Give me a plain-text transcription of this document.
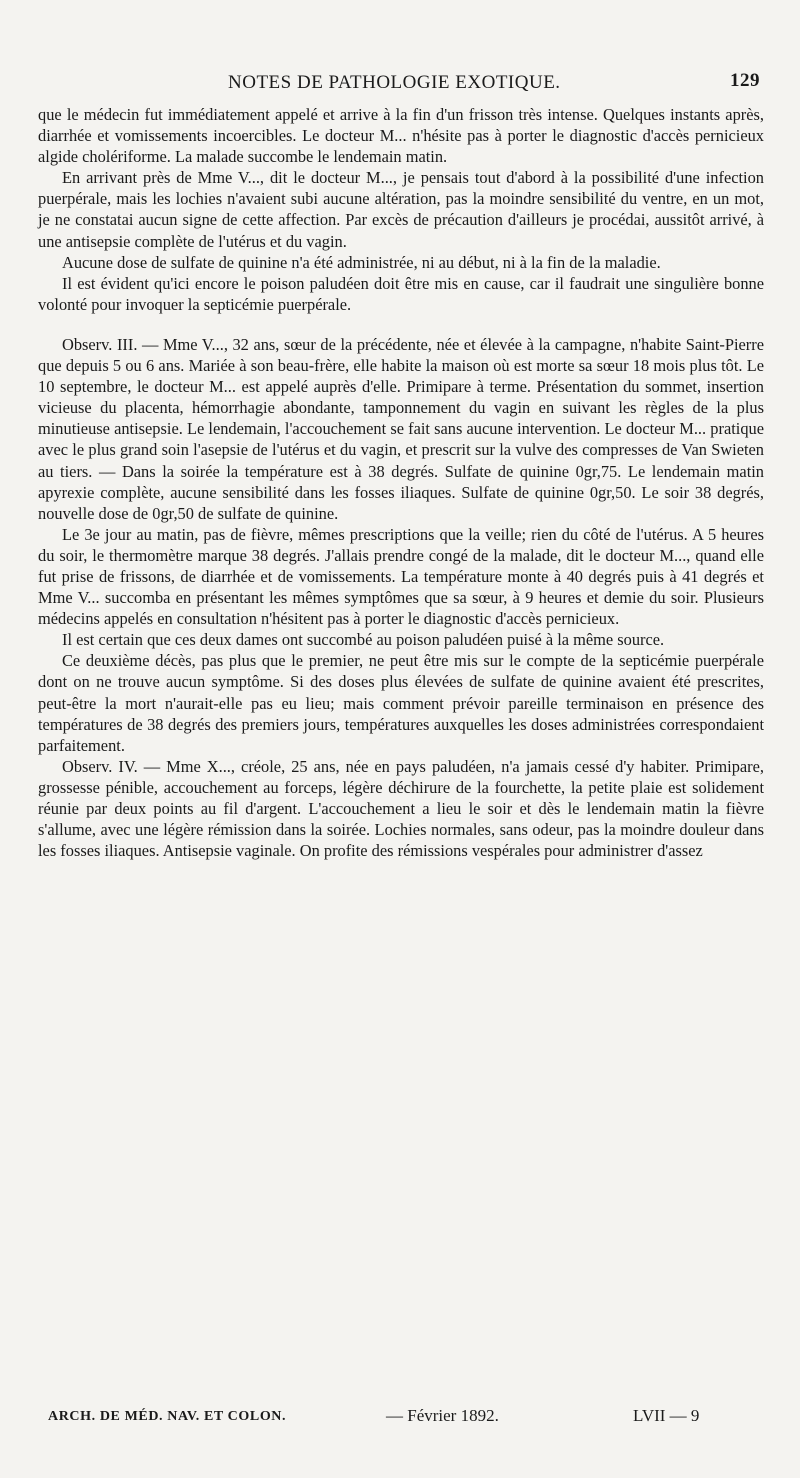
NOTES DE PATHOLOGIE EXOTIQUE.	129

que le médecin fut immédiatement appelé et arrive à la fin d'un frisson très intense. Quelques instants après, diarrhée et vomissements incoercibles. Le docteur M... n'hésite pas à porter le diagnostic d'accès pernicieux algide cholériforme. La malade succombe le lendemain matin.

En arrivant près de Mme V..., dit le docteur M..., je pensais tout d'abord à la possibilité d'une infection puerpérale, mais les lochies n'avaient subi aucune altération, pas la moindre sensibilité du ventre, en un mot, je ne constatai aucun signe de cette affection. Par excès de précaution d'ailleurs je procédai, aussitôt arrivé, à une antisepsie complète de l'utérus et du vagin.

Aucune dose de sulfate de quinine n'a été administrée, ni au début, ni à la fin de la maladie.

Il est évident qu'ici encore le poison paludéen doit être mis en cause, car il faudrait une singulière bonne volonté pour invoquer la septicémie puerpérale.

Observ. III. — Mme V..., 32 ans, sœur de la précédente, née et élevée à la campagne, n'habite Saint-Pierre que depuis 5 ou 6 ans. Mariée à son beau-frère, elle habite la maison où est morte sa sœur 18 mois plus tôt. Le 10 septembre, le docteur M... est appelé auprès d'elle. Primipare à terme. Présentation du sommet, insertion vicieuse du placenta, hémorrhagie abondante, tamponnement du vagin en suivant les règles de la plus minutieuse antisepsie. Le lendemain, l'accouchement se fait sans aucune intervention. Le docteur M... pratique avec le plus grand soin l'asepsie de l'utérus et du vagin, et prescrit sur la vulve des compresses de Van Swieten au tiers. — Dans la soirée la température est à 38 degrés. Sulfate de quinine 0gr,75. Le lendemain matin apyrexie complète, aucune sensibilité dans les fosses iliaques. Sulfate de quinine 0gr,50. Le soir 38 degrés, nouvelle dose de 0gr,50 de sulfate de quinine.

Le 3e jour au matin, pas de fièvre, mêmes prescriptions que la veille; rien du côté de l'utérus. A 5 heures du soir, le thermomètre marque 38 degrés. J'allais prendre congé de la malade, dit le docteur M..., quand elle fut prise de frissons, de diarrhée et de vomissements. La température monte à 40 degrés puis à 41 degrés et Mme V... succomba en présentant les mêmes symptômes que sa sœur, à 9 heures et demie du soir. Plusieurs médecins appelés en consultation n'hésitent pas à porter le diagnostic d'accès pernicieux.

Il est certain que ces deux dames ont succombé au poison paludéen puisé à la même source.

Ce deuxième décès, pas plus que le premier, ne peut être mis sur le compte de la septicémie puerpérale dont on ne trouve aucun symptôme. Si des doses plus élevées de sulfate de quinine avaient été prescrites, peut-être la mort n'aurait-elle pas eu lieu; mais comment prévoir pareille terminaison en présence des températures de 38 degrés des premiers jours, températures auxquelles les doses administrées correspondaient parfaitement.

Observ. IV. — Mme X..., créole, 25 ans, née en pays paludéen, n'a jamais cessé d'y habiter. Primipare, grossesse pénible, accouchement au forceps, légère déchirure de la fourchette, la petite plaie est solidement réunie par deux points au fil d'argent. L'accouchement a lieu le soir et dès le lendemain matin la fièvre s'allume, avec une légère rémission dans la soirée. Lochies normales, sans odeur, pas la moindre douleur dans les fosses iliaques. Antisepsie vaginale. On profite des rémissions vespérales pour administrer d'assez

ARCH. DE MÉD. NAV. ET COLON.	— Février 1892.	LVII — 9
